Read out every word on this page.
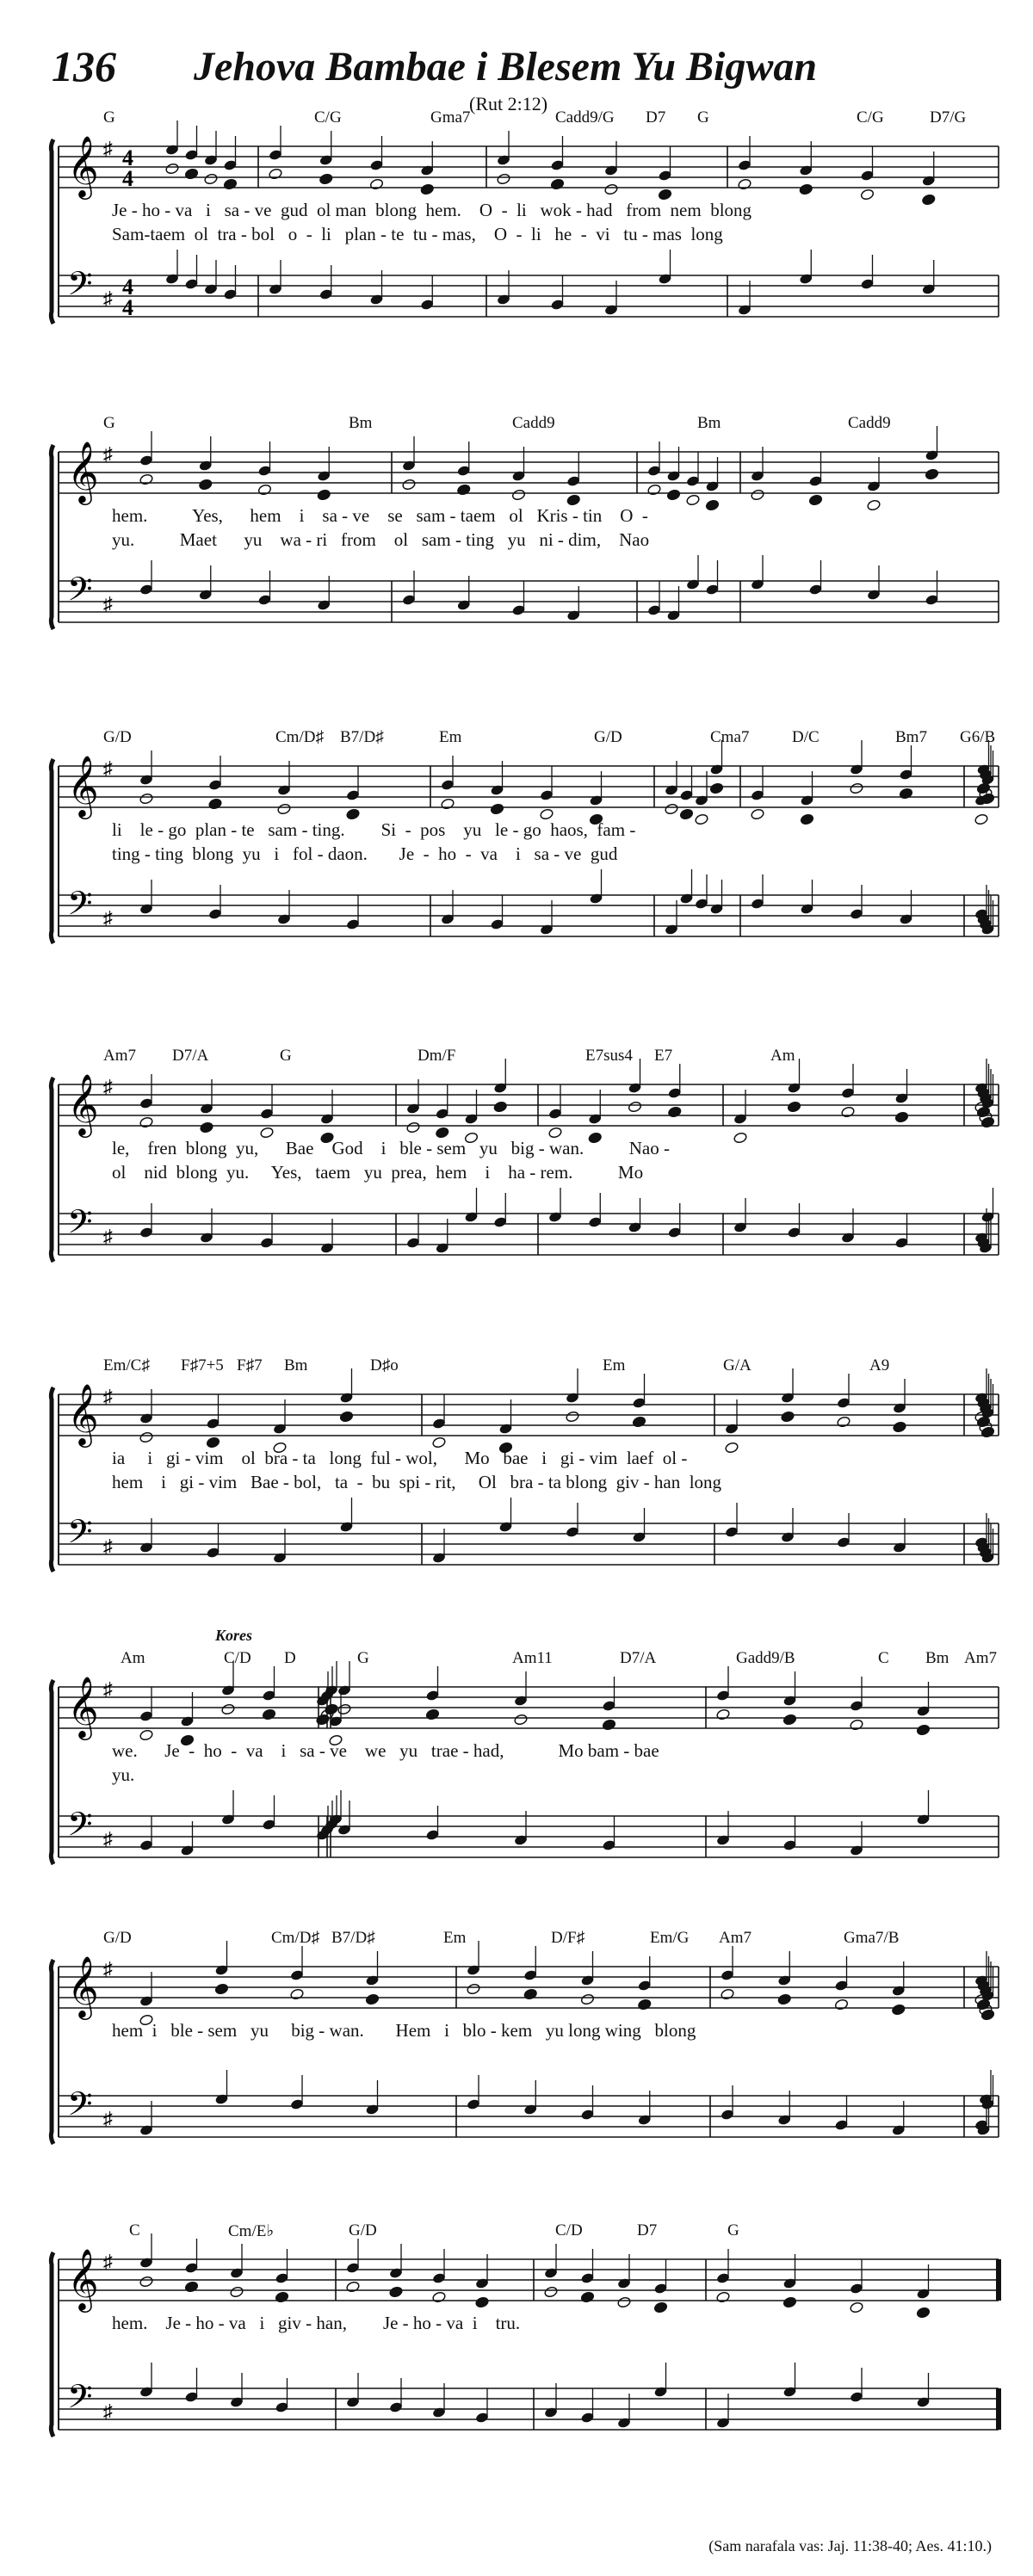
136 Jehova Bambae i Blesem Yu Bigwan
(Rut 2:12)
𝄞
𝄢
♯
♯
4
4
4
4
G	C/G	Gma7	Cadd9/G D7 G	C/G	D7/G
Je - ho - va   i   sa - ve  gud  ol man  blong  hem.    O  -  li   wok - had   from  nem  blong
Sam-taem  ol  tra - bol   o  -  li   plan - te  tu - mas,    O  -  li   he  -  vi   tu - mas  long
𝄞
𝄢
♯
♯
G	Bm	Cadd9	Bm	Cadd9
hem.          Yes,      hem    i    sa - ve    se   sam - taem   ol   Kris - tin    O  -
yu.          Maet      yu    wa - ri   from    ol   sam - ting   yu   ni - dim,    Nao
𝄞
𝄢
♯
♯
G/D	Cm/D♯ B7/D♯	Em	G/D	Cma7	D/C	Bm7 G6/B
li    le - go  plan - te   sam - ting.        Si  -  pos    yu   le - go  haos,  fam -
ting - ting  blong  yu   i   fol - daon.       Je  -  ho  -  va    i   sa - ve  gud
𝄞
𝄢
♯
♯
Am7 D7/A	G	Dm/F	E7sus4 E7	Am
le,    fren  blong  yu,      Bae    God    i   ble - sem   yu   big - wan.          Nao -
ol    nid  blong  yu.     Yes,   taem   yu  prea,  hem    i    ha - rem.          Mo
𝄞
𝄢
♯
♯
Em/C♯ F♯7+5 F♯7 Bm	D♯o	Em	G/A	A9
ia     i   gi - vim    ol  bra - ta   long  ful - wol,      Mo   bae   i   gi - vim  laef  ol -
hem    i   gi - vim   Bae - bol,   ta  -  bu  spi - rit,     Ol   bra - ta blong  giv - han  long
𝄞
𝄢
♯
♯
Am	C/D D	G	Am11	D7/A	Gadd9/B	C Bm Am7
Kores
we.      Je  -  ho  -  va    i   sa - ve    we   yu   trae - had,            Mo bam - bae
yu.
𝄞
𝄢
♯
♯
G/D	Cm/D♯ B7/D♯	Em	D/F♯	Em/G Am7	Gma7/B
hem  i   ble - sem   yu     big - wan.       Hem   i   blo - kem   yu long wing   blong
𝄞
𝄢
♯
♯
C	Cm/E♭	G/D	C/D	D7	G
hem.    Je - ho - va   i   giv - han,        Je - ho - va  i    tru.
(Sam narafala vas: Jaj. 11:38-40; Aes. 41:10.)
